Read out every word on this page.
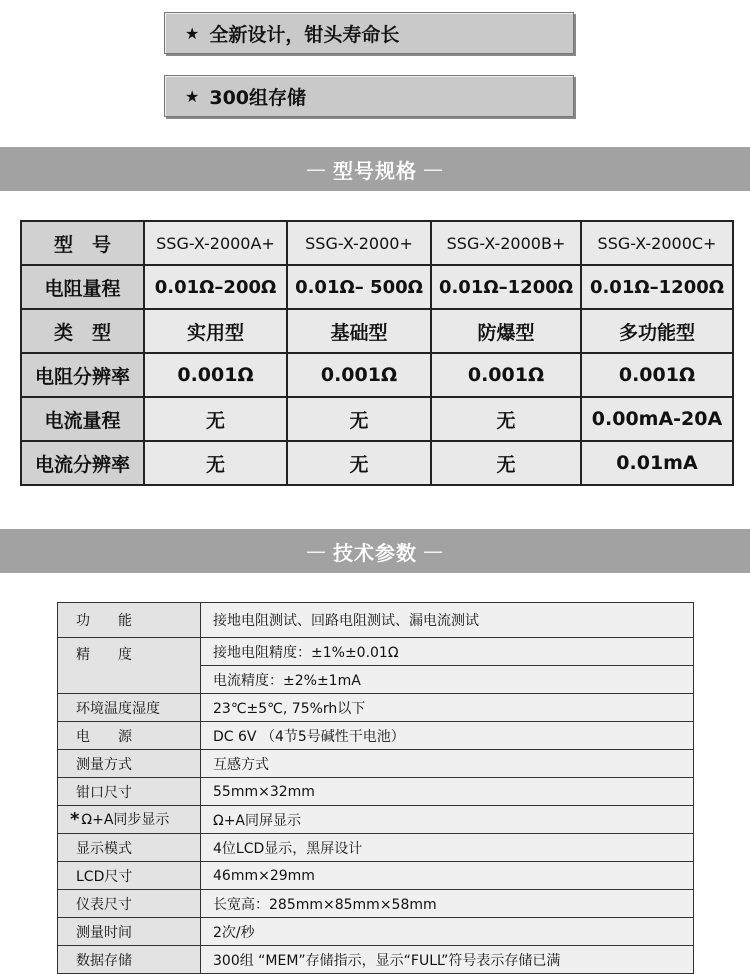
★ 全新设计，钳头寿命长
★ 300组存储
— 型号规格 —
型　号	SSG-X-2000A+	SSG-X-2000+	SSG-X-2000B+	SSG-X-2000C+
电阻量程	0.01Ω–200Ω	0.01Ω– 500Ω	0.01Ω–1200Ω	0.01Ω–1200Ω
类　型	实用型	基础型	防爆型	多功能型
电阻分辨率	0.001Ω	0.001Ω	0.001Ω	0.001Ω
电流量程	无	无	无	0.00mA-20A
电流分辨率	无	无	无	0.01mA
— 技术参数 —
功　　能	接地电阻测试、回路电阻测试、漏电流测试
精　　度	接地电阻精度：±1%±0.01Ω
	电流精度：±2%±1mA
环境温度湿度	23℃±5℃, 75%rh以下
电　　源	DC 6V （4节5号碱性干电池）
测量方式	互感方式
钳口尺寸	55mm×32mm
* Ω+A同步显示	Ω+A同屏显示
显示模式	4位LCD显示，黑屏设计
LCD尺寸	46mm×29mm
仪表尺寸	长宽高：285mm×85mm×58mm
测量时间	2次/秒
数据存储	300组 “MEM”存储指示，显示“FULL”符号表示存储已满
